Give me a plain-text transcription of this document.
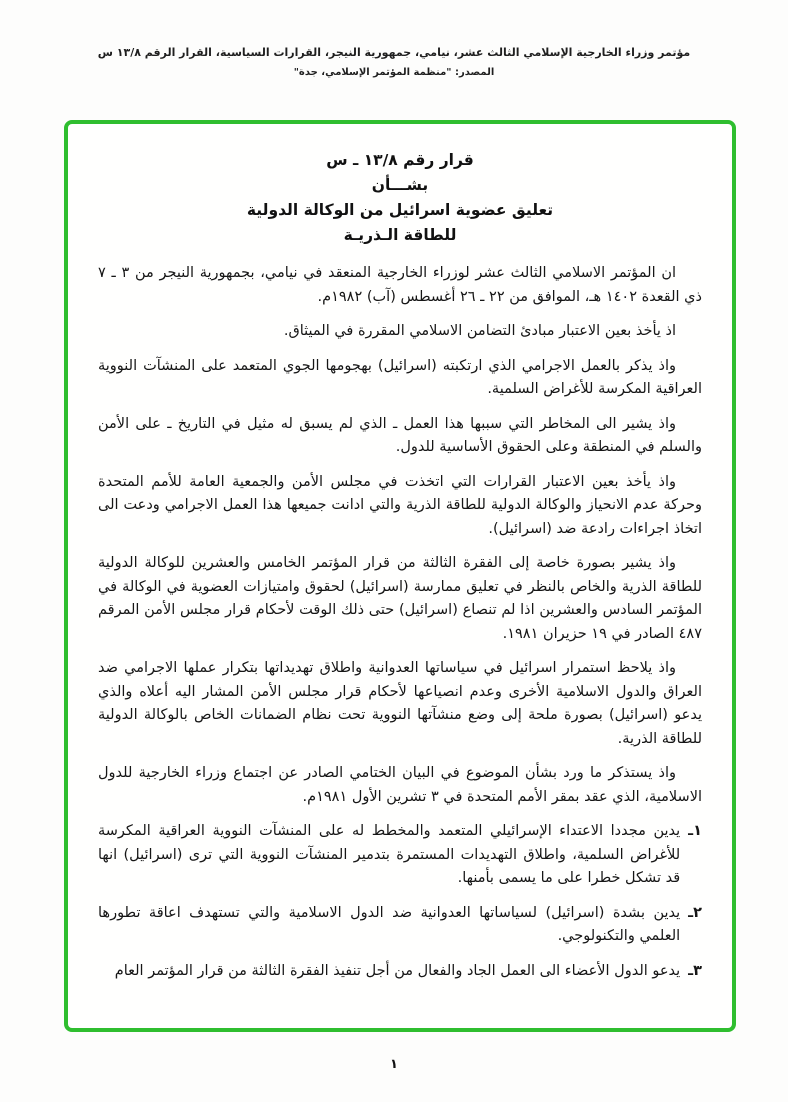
مؤتمر وزراء الخارجية الإسلامي الثالث عشر، نيامي، جمهورية النيجر، القرارات السياسية، القرار الرقم ١٣/٨ س
المصدر: "منظمة المؤتمر الإسلامي، جدة"
قرار رقم ١٣/٨ ـ س
بشـــأن
تعليق عضوية اسرائيل من الوكالة الدولية
للطاقة الـذريـة

ان المؤتمر الاسلامي الثالث عشر لوزراء الخارجية المنعقد في نيامي، بجمهورية النيجر من ٣ ـ ٧ ذي القعدة ١٤٠٢ هـ، الموافق من ٢٢ ـ ٢٦ أغسطس (آب) ١٩٨٢م.

اذ يأخذ بعين الاعتبار مبادئ التضامن الاسلامي المقررة في الميثاق.

واذ يذكر بالعمل الاجرامي الذي ارتكبته (اسرائيل) بهجومها الجوي المتعمد على المنشآت النووية العراقية المكرسة للأغراض السلمية.

واذ يشير الى المخاطر التي سببها هذا العمل ـ الذي لم يسبق له مثيل في التاريخ ـ على الأمن والسلم في المنطقة وعلى الحقوق الأساسية للدول.

واذ يأخذ بعين الاعتبار القرارات التي اتخذت في مجلس الأمن والجمعية العامة للأمم المتحدة وحركة عدم الانحياز والوكالة الدولية للطاقة الذرية والتي ادانت جميعها هذا العمل الاجرامي ودعت الى اتخاذ اجراءات رادعة ضد (اسرائيل).

واذ يشير بصورة خاصة إلى الفقرة الثالثة من قرار المؤتمر الخامس والعشرين للوكالة الدولية للطاقة الذرية والخاص بالنظر في تعليق ممارسة (اسرائيل) لحقوق وامتيازات العضوية في الوكالة في المؤتمر السادس والعشرين اذا لم تنصاع (اسرائيل) حتى ذلك الوقت لأحكام قرار مجلس الأمن المرقم ٤٨٧ الصادر في ١٩ حزيران ١٩٨١.

واذ يلاحظ استمرار اسرائيل في سياساتها العدوانية واطلاق تهديداتها بتكرار عملها الاجرامي ضد العراق والدول الاسلامية الأخرى وعدم انصياعها لأحكام قرار مجلس الأمن المشار اليه أعلاه والذي يدعو (اسرائيل) بصورة ملحة إلى وضع منشآتها النووية تحت نظام الضمانات الخاص بالوكالة الدولية للطاقة الذرية.

واذ يستذكر ما ورد بشأن الموضوع في البيان الختامي الصادر عن اجتماع وزراء الخارجية للدول الاسلامية، الذي عقد بمقر الأمم المتحدة في ٣ تشرين الأول ١٩٨١م.

١ـ
يدين مجددا الاعتداء الإسرائيلي المتعمد والمخطط له على المنشآت النووية العراقية المكرسة للأغراض السلمية، واطلاق التهديدات المستمرة بتدمير المنشآت النووية التي ترى (اسرائيل) انها قد تشكل خطرا على ما يسمى بأمنها.
٢ـ
يدين بشدة (اسرائيل) لسياساتها العدوانية ضد الدول الاسلامية والتي تستهدف اعاقة تطورها العلمي والتكنولوجي.
٣ـ
يدعو الدول الأعضاء الى العمل الجاد والفعال من أجل تنفيذ الفقرة الثالثة من قرار المؤتمر العام
١
